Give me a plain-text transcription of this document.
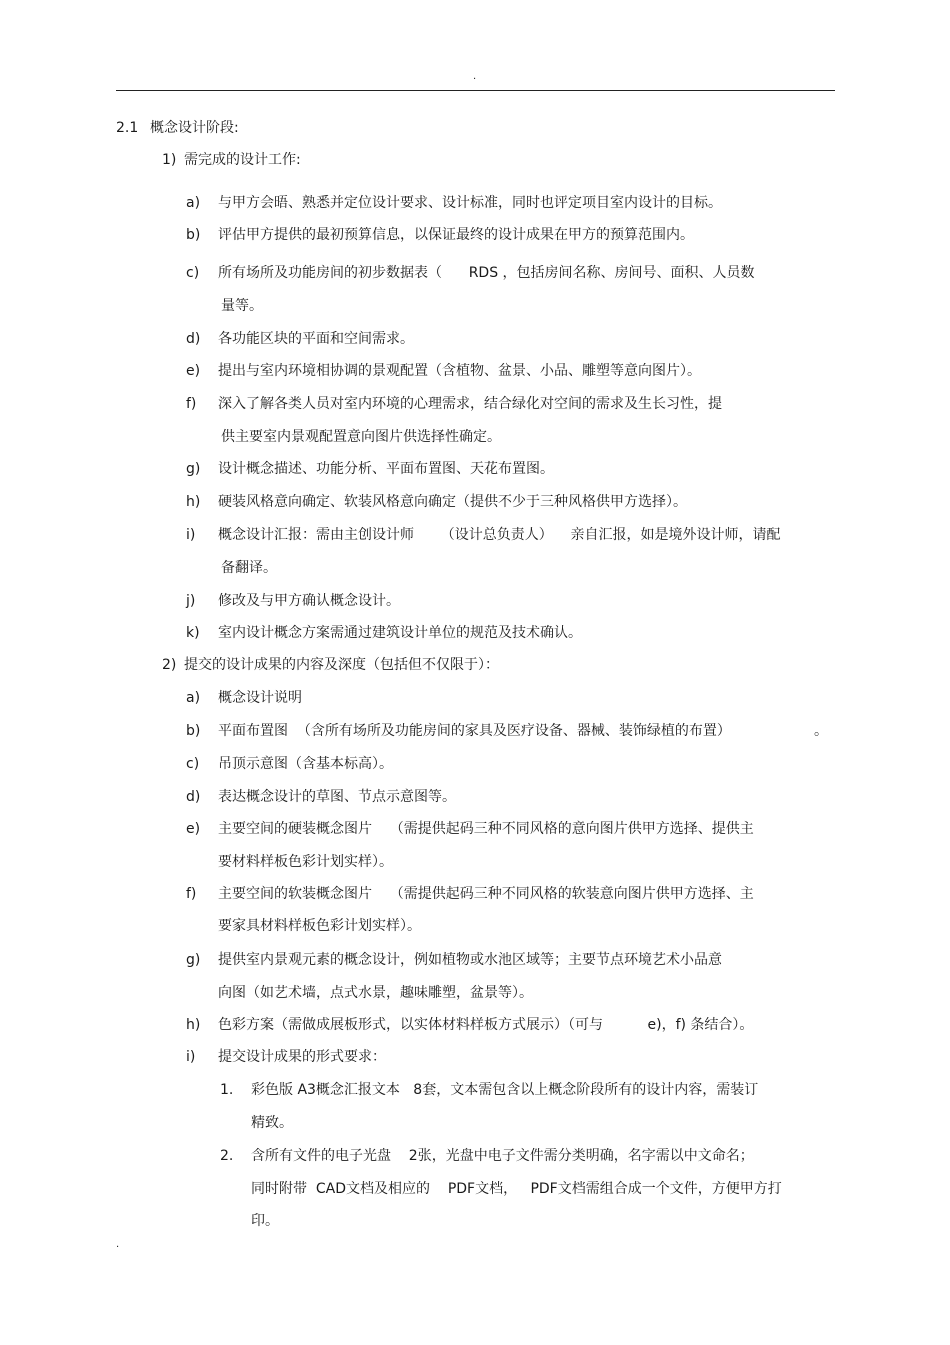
.
2.1 概念设计阶段:
1) 需完成的设计工作:
a) 与甲方会晤、熟悉并定位设计要求、设计标准，同时也评定项目室内设计的目标。
b) 评估甲方提供的最初预算信息，以保证最终的设计成果在甲方的预算范围内。
c) 所有场所及功能房间的初步数据表（      RDS ，包括房间名称、房间号、面积、人员数
量等。
d) 各功能区块的平面和空间需求。
e) 提出与室内环境相协调的景观配置（含植物、盆景、小品、雕塑等意向图片）。
f) 深入了解各类人员对室内环境的心理需求，结合绿化对空间的需求及生长习性，提
供主要室内景观配置意向图片供选择性确定。
g) 设计概念描述、功能分析、平面布置图、天花布置图。
h) 硬装风格意向确定、软装风格意向确定（提供不少于三种风格供甲方选择）。
i) 概念设计汇报：需由主创设计师      （设计总负责人）    亲自汇报，如是境外设计师，请配
备翻译。
j) 修改及与甲方确认概念设计。
k) 室内设计概念方案需通过建筑设计单位的规范及技术确认。
2) 提交的设计成果的内容及深度（包括但不仅限于）：
a) 概念设计说明
b) 平面布置图  （含所有场所及功能房间的家具及医疗设备、器械、装饰绿植的布置）	。
c) 吊顶示意图（含基本标高）。
d) 表达概念设计的草图、节点示意图等。
e) 主要空间的硬装概念图片    （需提供起码三种不同风格的意向图片供甲方选择、提供主
要材料样板色彩计划实样）。
f) 主要空间的软装概念图片    （需提供起码三种不同风格的软装意向图片供甲方选择、主
要家具材料样板色彩计划实样）。
g) 提供室内景观元素的概念设计，例如植物或水池区域等；主要节点环境艺术小品意
向图（如艺术墙，点式水景，趣味雕塑，盆景等）。
h) 色彩方案（需做成展板形式，以实体材料样板方式展示）（可与          e)，f) 条结合）。
i) 提交设计成果的形式要求：
1. 彩色版 A3概念汇报文本   8套，文本需包含以上概念阶段所有的设计内容，需装订
精致。
2. 含所有文件的电子光盘    2张，光盘中电子文件需分类明确，名字需以中文命名；
同时附带  CAD文档及相应的    PDF文档，   PDF文档需组合成一个文件，方便甲方打
印。
.
